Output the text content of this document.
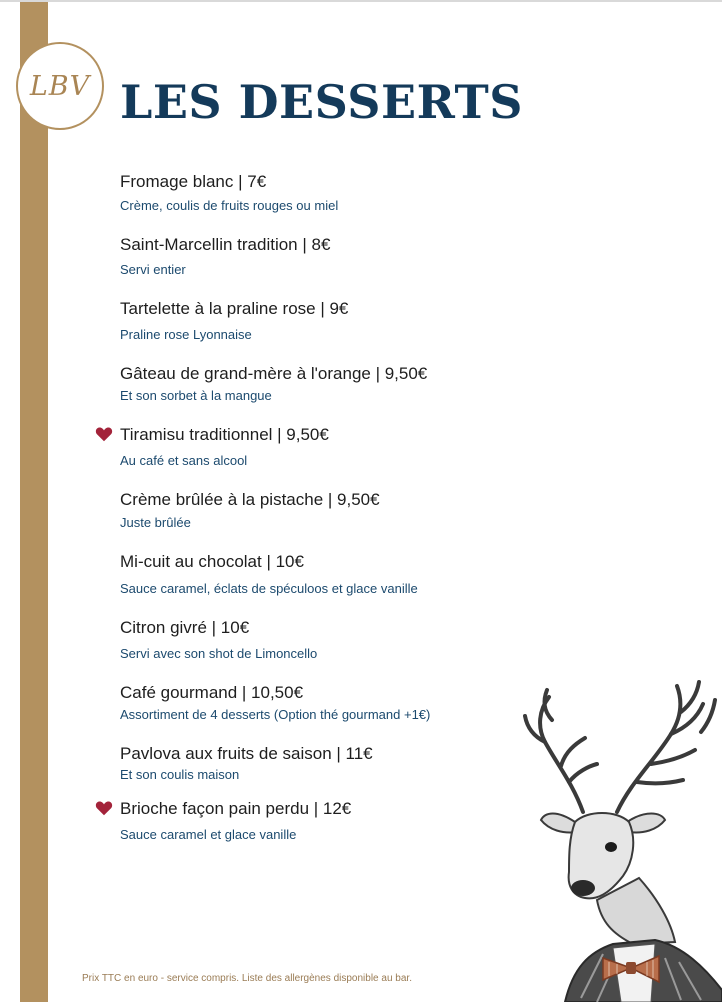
LBV LES DESSERTS
Fromage blanc | 7€
Crème, coulis de fruits rouges ou miel
Saint-Marcellin tradition | 8€
Servi entier
Tartelette à la praline rose | 9€
Praline rose Lyonnaise
Gâteau de grand-mère à l'orange | 9,50€
Et son sorbet à la mangue
Tiramisu traditionnel | 9,50€
Au café et sans alcool
Crème brûlée à la pistache | 9,50€
Juste brûlée
Mi-cuit au chocolat | 10€
Sauce caramel, éclats de spéculoos et glace vanille
Citron givré | 10€
Servi avec son shot de Limoncello
Café gourmand | 10,50€
Assortiment de 4 desserts (Option thé gourmand +1€)
Pavlova aux fruits de saison | 11€
Et son coulis maison
Brioche façon pain perdu | 12€
Sauce caramel et glace vanille
Prix TTC en euro - service compris. Liste des allergènes disponible au bar.
